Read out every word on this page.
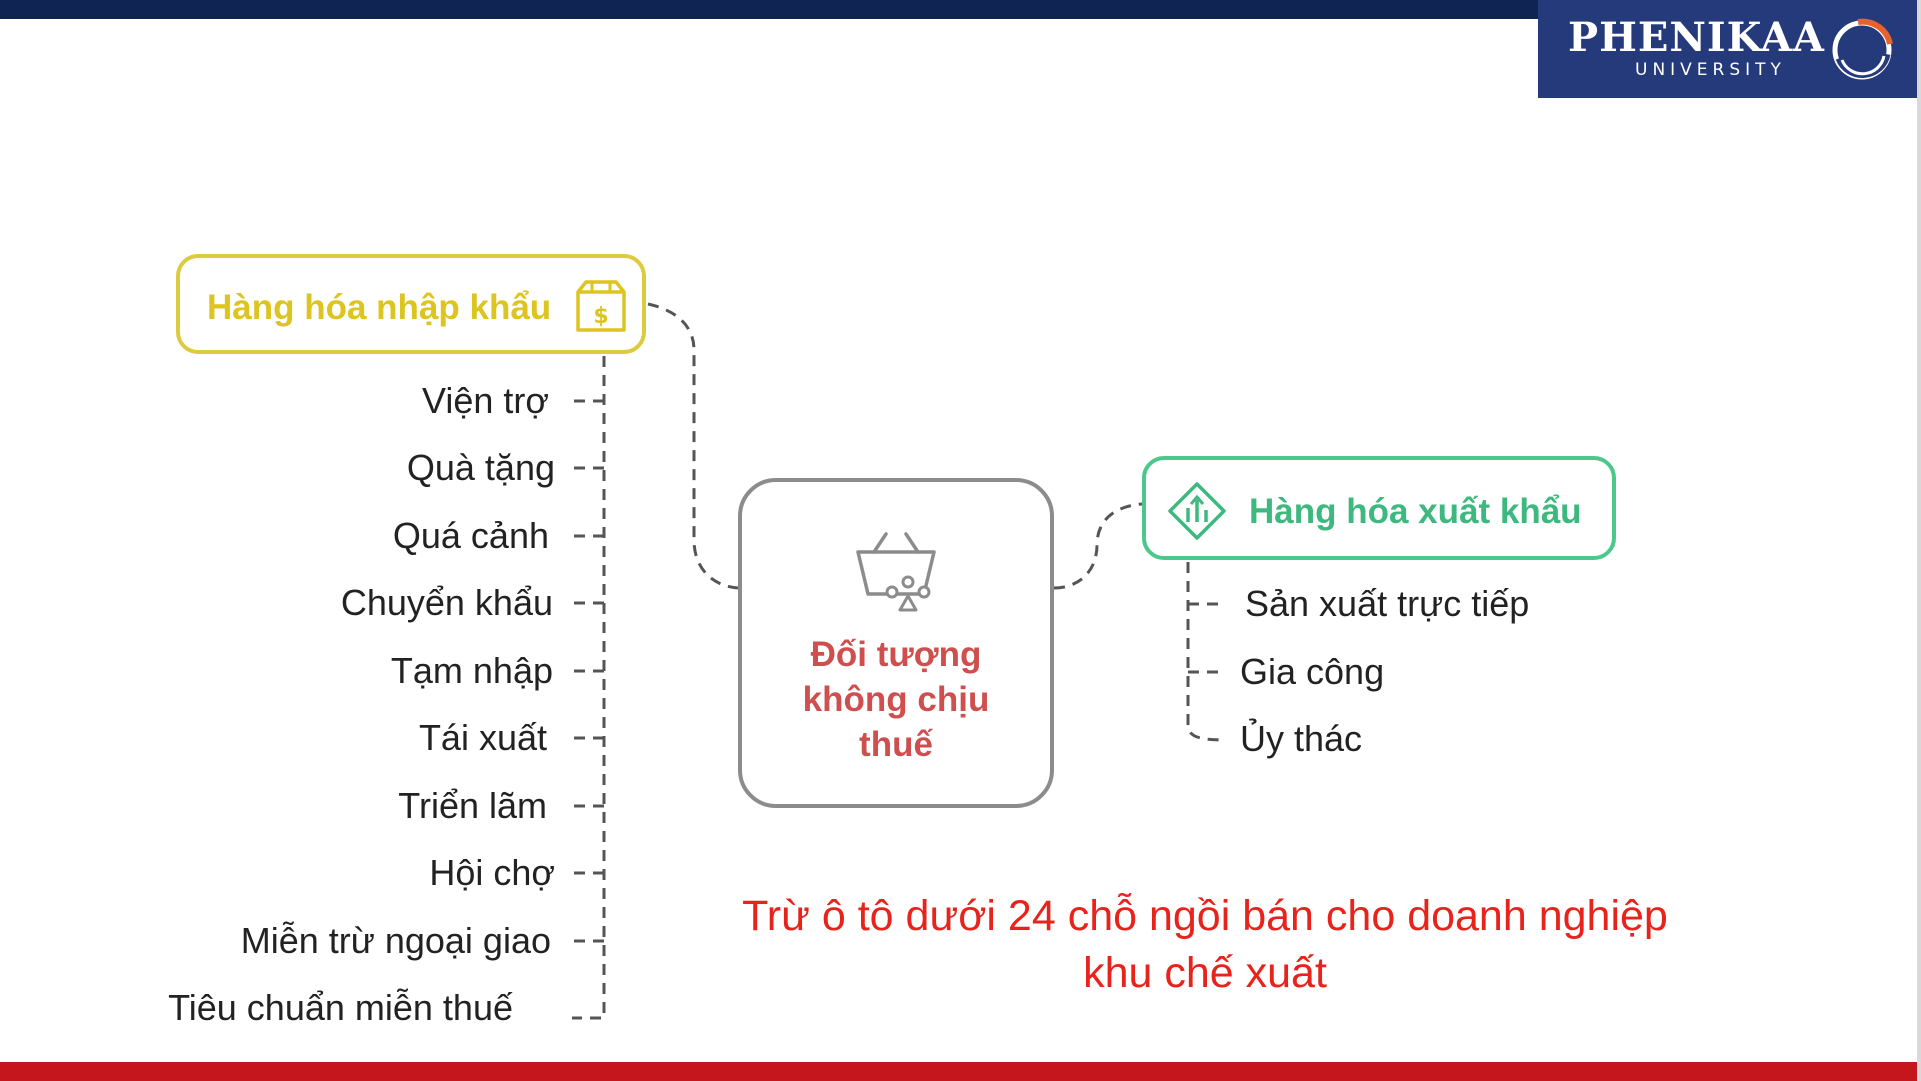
PHENIKAA
UNIVERSITY
Hàng hóa nhập khẩu $
Hàng hóa xuất khẩu
Đối tượng
không chịu
thuế
Viện trợ
Quà tặng
Quá cảnh
Chuyển khẩu
Tạm nhập
Tái xuất
Triển lãm
Hội chợ
Miễn trừ ngoại giao
Tiêu chuẩn miễn thuế
Sản xuất trực tiếp
Gia công
Ủy thác
Trừ ô tô dưới 24 chỗ ngồi bán cho doanh nghiệp
khu chế xuất
